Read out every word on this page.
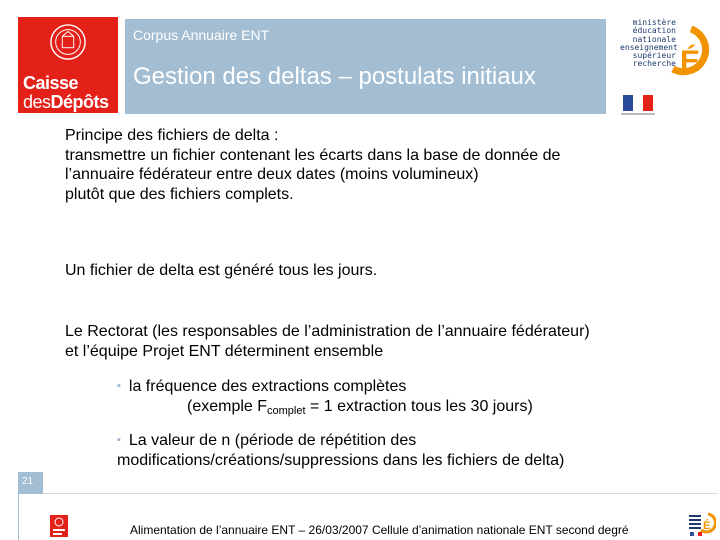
Caisse
desDépôts
Corpus Annuaire ENT
Gestion des deltas – postulats initiaux
ministère
éducation
nationale
enseignement
supérieur
recherche É
Principe des fichiers de delta :
transmettre un fichier contenant les écarts dans la base de donnée de
l’annuaire fédérateur entre deux dates (moins volumineux)
plutôt que des fichiers complets.
Un fichier de delta est généré tous les jours.
Le Rectorat (les responsables de l’administration de l’annuaire fédérateur)
et l’équipe Projet ENT déterminent ensemble
▪ la fréquence des extractions complètes
(exemple $F_{complet} = 1$ extraction tous les 30 jours)
▪ La valeur de n (période de répétition des
modifications/créations/suppressions dans les fichiers de delta)
21
Alimentation de l’annuaire ENT – 26/03/2007 Cellule d’animation nationale ENT second degré	É
